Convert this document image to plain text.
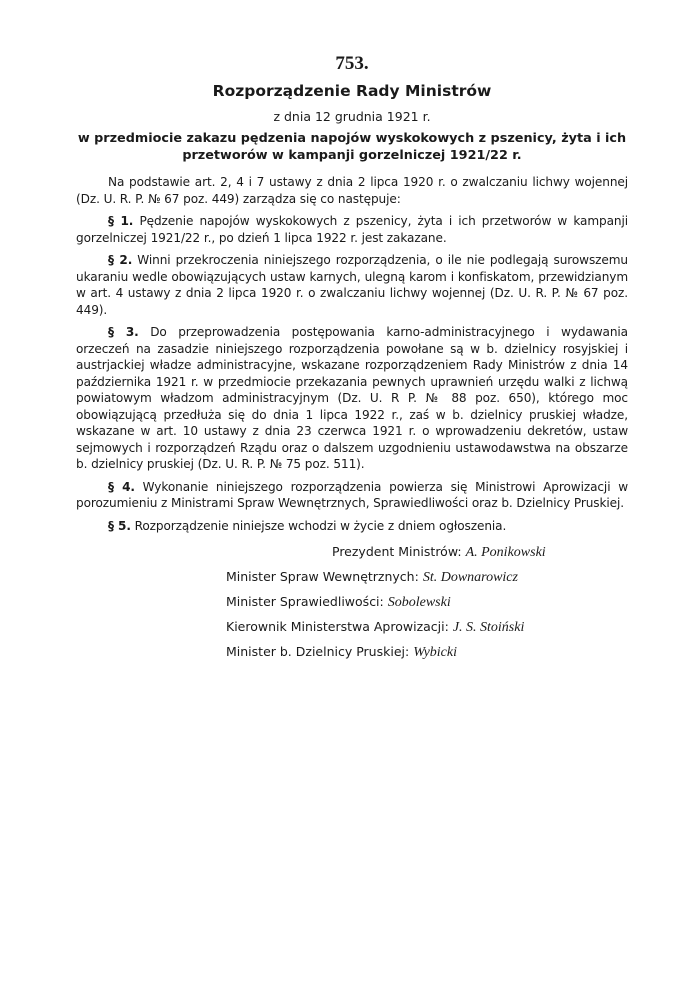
753.
Rozporządzenie Rady Ministrów
z dnia 12 grudnia 1921 r.
w przedmiocie zakazu pędzenia napojów wyskokowych z pszenicy, żyta i ich przetworów w kampanji gorzelniczej 1921/22 r.

Na podstawie art. 2, 4 i 7 ustawy z dnia 2 lipca 1920 r. o zwalczaniu lichwy wojennej (Dz. U. R. P. № 67 poz. 449) zarządza się co następuje:

§ 1. Pędzenie napojów wyskokowych z pszenicy, żyta i ich przetworów w kampanji gorzelniczej 1921/22 r., po dzień 1 lipca 1922 r. jest zakazane.

§ 2. Winni przekroczenia niniejszego rozporządzenia, o ile nie podlegają surowszemu ukaraniu wedle obowiązujących ustaw karnych, ulegną karom i konfiskatom, przewidzianym w art. 4 ustawy z dnia 2 lipca 1920 r. o zwalczaniu lichwy wojennej (Dz. U. R. P. № 67 poz. 449).

§ 3. Do przeprowadzenia postępowania karno-administracyjnego i wydawania orzeczeń na zasadzie niniejszego rozporządzenia powołane są w b. dzielnicy rosyjskiej i austrjackiej władze administracyjne, wskazane rozporządzeniem Rady Ministrów z dnia 14 października 1921 r. w przedmiocie przekazania pewnych uprawnień urzędu walki z lichwą powiatowym władzom administracyjnym (Dz. U. R P. № 88 poz. 650), którego moc obowiązującą przedłuża się do dnia 1 lipca 1922 r., zaś w b. dzielnicy pruskiej władze, wskazane w art. 10 ustawy z dnia 23 czerwca 1921 r. o wprowadzeniu dekretów, ustaw sejmowych i rozporządzeń Rządu oraz o dalszem uzgodnieniu ustawodawstwa na obszarze b. dzielnicy pruskiej (Dz. U. R. P. № 75 poz. 511).

§ 4. Wykonanie niniejszego rozporządzenia powierza się Ministrowi Aprowizacji w porozumieniu z Ministrami Spraw Wewnętrznych, Sprawiedliwości oraz b. Dzielnicy Pruskiej.

§ 5. Rozporządzenie niniejsze wchodzi w życie z dniem ogłoszenia.

Prezydent Ministrów: A. Ponikowski
Minister Spraw Wewnętrznych: St. Downarowicz
Minister Sprawiedliwości: Sobolewski
Kierownik Ministerstwa Aprowizacji: J. S. Stoiński
Minister b. Dzielnicy Pruskiej: Wybicki
